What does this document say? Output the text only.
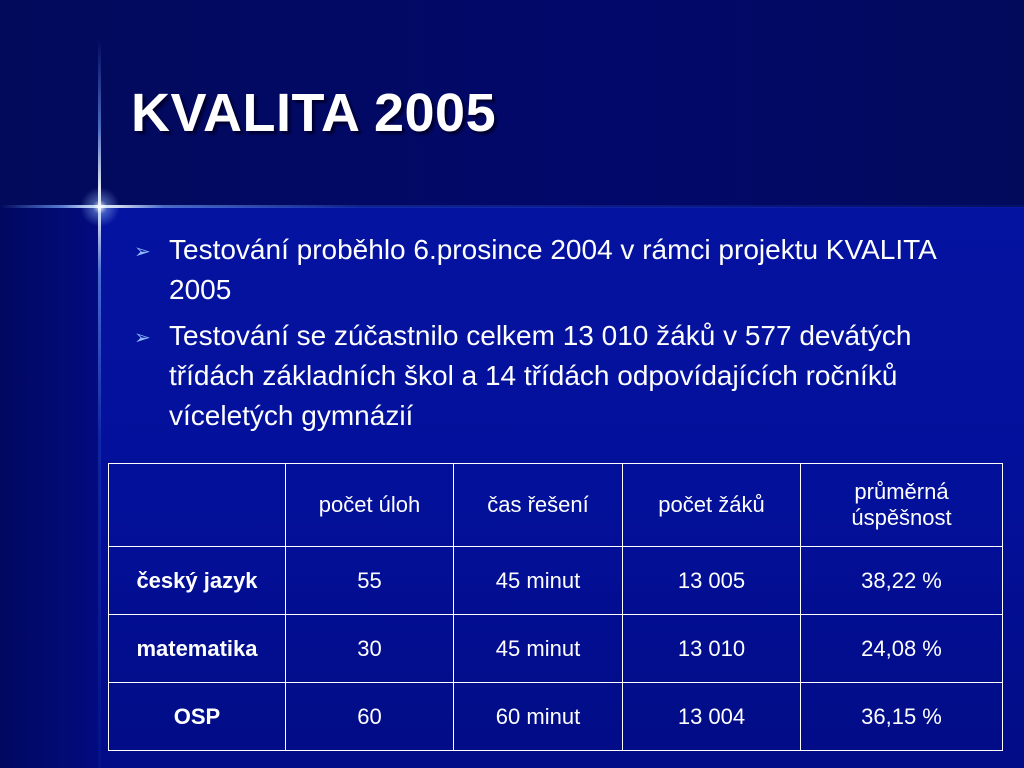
KVALITA 2005
➢ Testování proběhlo 6.prosince 2004 v rámci projektu KVALITA 2005
➢ Testování se zúčastnilo celkem 13 010 žáků v 577 devátých třídách základních škol a 14 třídách odpovídajících ročníků víceletých gymnázií
	počet úloh	čas řešení	počet žáků	průměrná úspěšnost
český jazyk	55	45 minut	13 005	38,22 %
matematika	30	45 minut	13 010	24,08 %
OSP	60	60 minut	13 004	36,15 %
